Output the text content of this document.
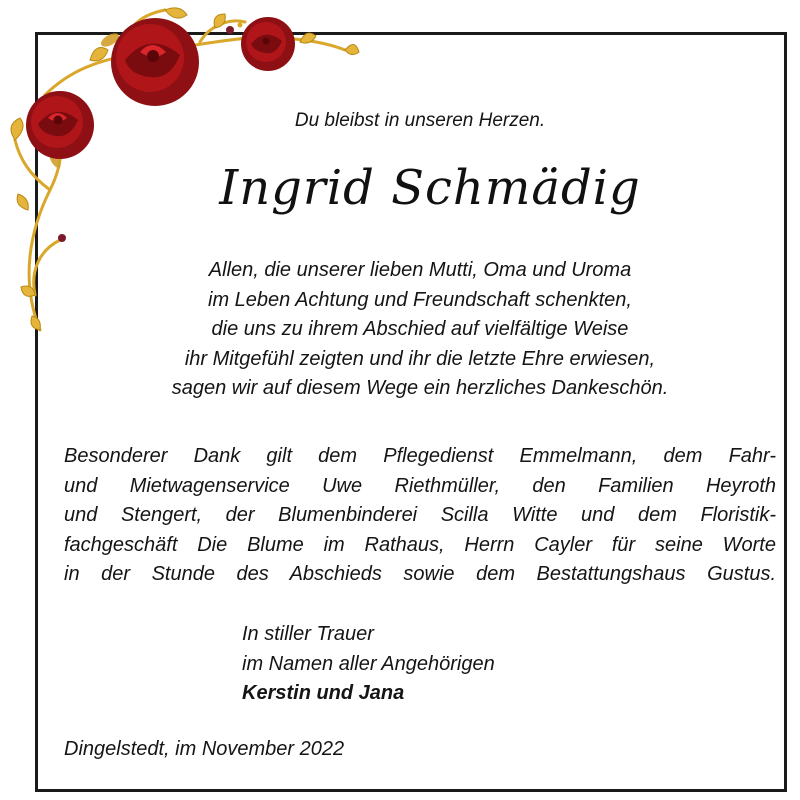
Du bleibst in unseren Herzen.
Ingrid Schmädig
Allen, die unserer lieben Mutti, Oma und Uroma
im Leben Achtung und Freundschaft schenkten,
die uns zu ihrem Abschied auf vielfältige Weise
ihr Mitgefühl zeigten und ihr die letzte Ehre erwiesen,
sagen wir auf diesem Wege ein herzliches Dankeschön.
Besonderer Dank gilt dem Pflegedienst Emmelmann, dem Fahr-
und Mietwagenservice Uwe Riethmüller, den Familien Heyroth
und Stengert, der Blumenbinderei Scilla Witte und dem Floristik-
fachgeschäft Die Blume im Rathaus, Herrn Cayler für seine Worte
in der Stunde des Abschieds sowie dem Bestattungshaus Gustus.
In stiller Trauer
im Namen aller Angehörigen
Kerstin und Jana
Dingelstedt, im November 2022
